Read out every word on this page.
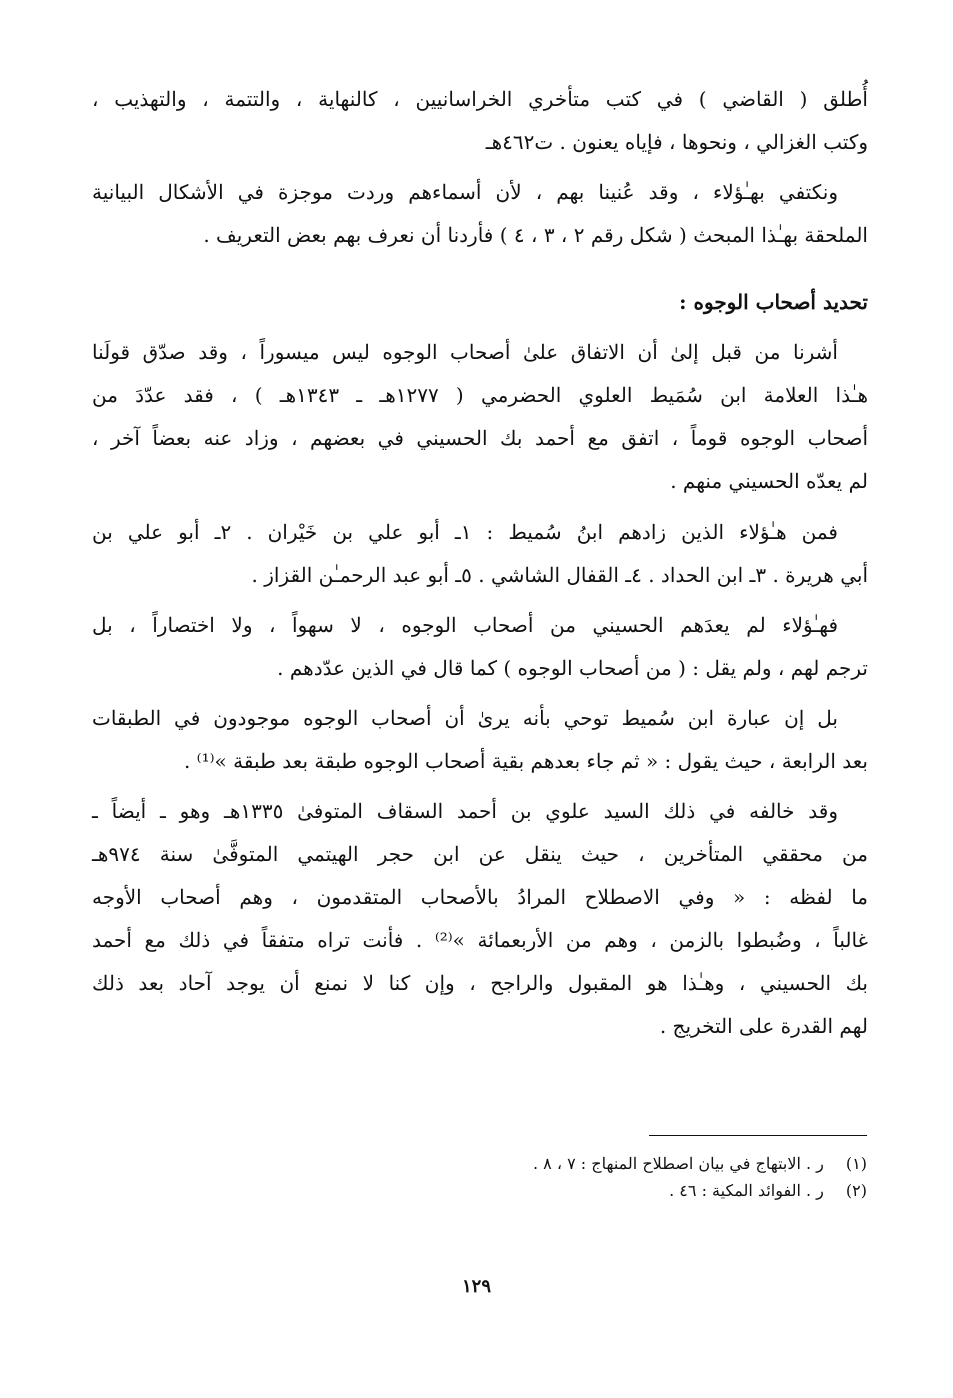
أُطلق ( القاضي ) في كتب متأخري الخراسانيين ، كالنهاية ، والتتمة ، والتهذيب ،
وكتب الغزالي ، ونحوها ، فإياه يعنون . ت٤٦٢هـ

ونكتفي بهـٰؤلاء ، وقد عُنينا بهم ، لأن أسماءهم وردت موجزة في الأشكال البيانية
الملحقة بهـٰذا المبحث ( شكل رقم ٢ ، ٣ ، ٤ ) فأردنا أن نعرف بهم بعض التعريف .

تحديد أصحاب الوجوه :

أشرنا من قبل إلىٰ أن الاتفاق علىٰ أصحاب الوجوه ليس ميسوراً ، وقد صدّق قولَنا
هـٰذا العلامة ابن سُمَيط العلوي الحضرمي ( ١٢٧٧هـ ـ ١٣٤٣هـ ) ، فقد عدّدَ من
أصحاب الوجوه قوماً ، اتفق مع أحمد بك الحسيني في بعضهم ، وزاد عنه بعضاً آخر ،
لم يعدّه الحسيني منهم .

فمن هـٰؤلاء الذين زادهم ابنُ سُميط : ١ـ أبو علي بن خَيْران . ٢ـ أبو علي بن
أبي هريرة . ٣ـ ابن الحداد . ٤ـ القفال الشاشي . ٥ـ أبو عبد الرحمـٰن القزاز .

فهـٰؤلاء لم يعدَهم الحسيني من أصحاب الوجوه ، لا سهواً ، ولا اختصاراً ، بل
ترجم لهم ، ولم يقل : ( من أصحاب الوجوه ) كما قال في الذين عدّدهم .

بل إن عبارة ابن سُميط توحي بأنه يرىٰ أن أصحاب الوجوه موجودون في الطبقات
بعد الرابعة ، حيث يقول : « ثم جاء بعدهم بقية أصحاب الوجوه طبقة بعد طبقة »⁽¹⁾ .

وقد خالفه في ذلك السيد علوي بن أحمد السقاف المتوفىٰ ١٣٣٥هـ وهو ـ أيضاً ـ
من محققي المتأخرين ، حيث ينقل عن ابن حجر الهيتمي المتوفَّىٰ سنة ٩٧٤هـ
ما لفظه : « وفي الاصطلاح المرادُ بالأصحاب المتقدمون ، وهم أصحاب الأوجه
غالباً ، وضُبطوا بالزمن ، وهم من الأربعمائة »⁽²⁾ . فأنت تراه متفقاً في ذلك مع أحمد
بك الحسيني ، وهـٰذا هو المقبول والراجح ، وإن كنا لا نمنع أن يوجد آحاد بعد ذلك
لهم القدرة على التخريج .

(١) ر . الابتهاج في بيان اصطلاح المنهاج : ٧ ، ٨ .
(٢) ر . الفوائد المكية : ٤٦ .
١٢٩
